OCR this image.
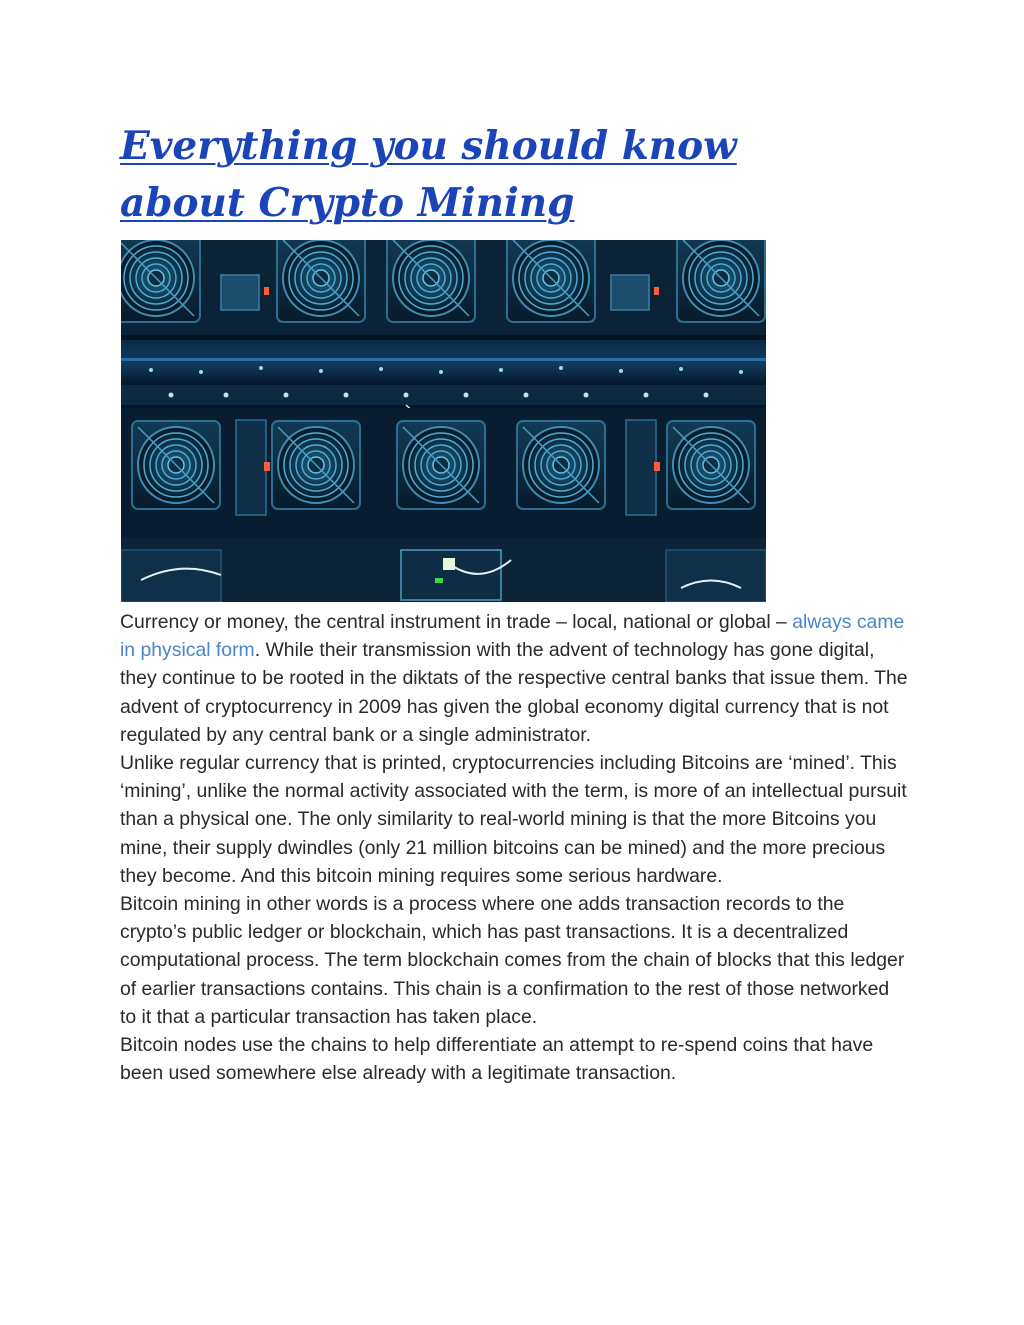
Everything you should know
about Crypto Mining

Currency or money, the central instrument in trade – local, national or global – always came in physical form. While their transmission with the advent of technology has gone digital, they continue to be rooted in the diktats of the respective central banks that issue them. The advent of cryptocurrency in 2009 has given the global economy digital currency that is not regulated by any central bank or a single administrator.

Unlike regular currency that is printed, cryptocurrencies including Bitcoins are ‘mined’. This ‘mining’, unlike the normal activity associated with the term, is more of an intellectual pursuit than a physical one. The only similarity to real-world mining is that the more Bitcoins you mine, their supply dwindles (only 21 million bitcoins can be mined) and the more precious they become. And this bitcoin mining requires some serious hardware.

Bitcoin mining in other words is a process where one adds transaction records to the crypto’s public ledger or blockchain, which has past transactions. It is a decentralized computational process. The term blockchain comes from the chain of blocks that this ledger of earlier transactions contains. This chain is a confirmation to the rest of those networked to it that a particular transaction has taken place.

Bitcoin nodes use the chains to help differentiate an attempt to re-spend coins that have been used somewhere else already with a legitimate transaction.
